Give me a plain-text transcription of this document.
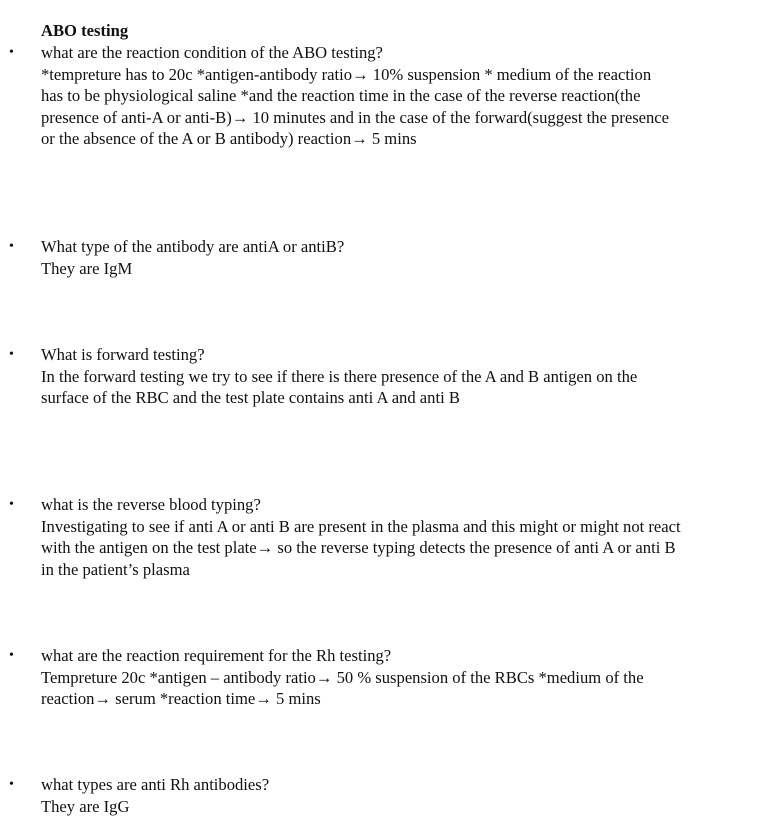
ABO testing
•	what are the reaction condition of the ABO testing?
*tempreture has to 20c *antigen-antibody ratio→ 10% suspension * medium of the reaction
has to be physiological saline *and the reaction time in the case of the reverse reaction(the
presence of anti-A or anti-B)→ 10 minutes and in the case of the forward(suggest the presence
or the absence of the A or B antibody) reaction→ 5 mins
•	What type of the antibody are antiA or antiB?
They are IgM
•	What is forward testing?
In the forward testing we try to see if there is there presence of the A and B antigen on the
surface of the RBC and the test plate contains anti A and anti B
•	what is the reverse blood typing?
Investigating to see if anti A or anti B are present in the plasma and this might or might not react
with the antigen on the test plate→ so the reverse typing detects the presence of anti A or anti B
in the patient’s plasma
•	what are the reaction requirement for the Rh testing?
Tempreture 20c *antigen – antibody ratio→ 50 % suspension of the RBCs *medium of the
reaction→ serum *reaction time→ 5 mins
•	what types are anti Rh antibodies?
They are IgG
